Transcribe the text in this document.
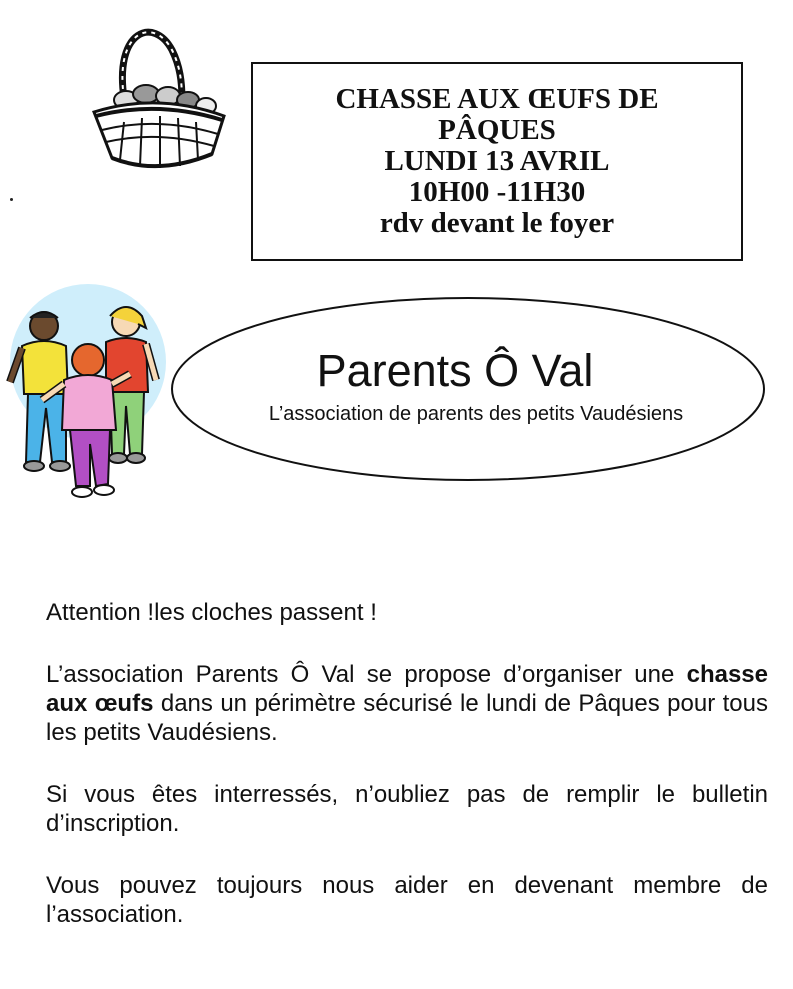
CHASSE AUX ŒUFS DE
PÂQUES
LUNDI 13 AVRIL
10H00 -11H30
rdv devant le foyer
Parents Ô Val
L’association de parents des petits Vaudésiens

Attention !les cloches passent !

L’association Parents Ô Val se propose d’organiser une chasse aux œufs dans un périmètre sécurisé le lundi de Pâques pour tous les petits Vaudésiens.

Si vous êtes interressés, n’oubliez pas de remplir le bulletin d’inscription.

Vous pouvez toujours nous aider en devenant membre de l’association.
